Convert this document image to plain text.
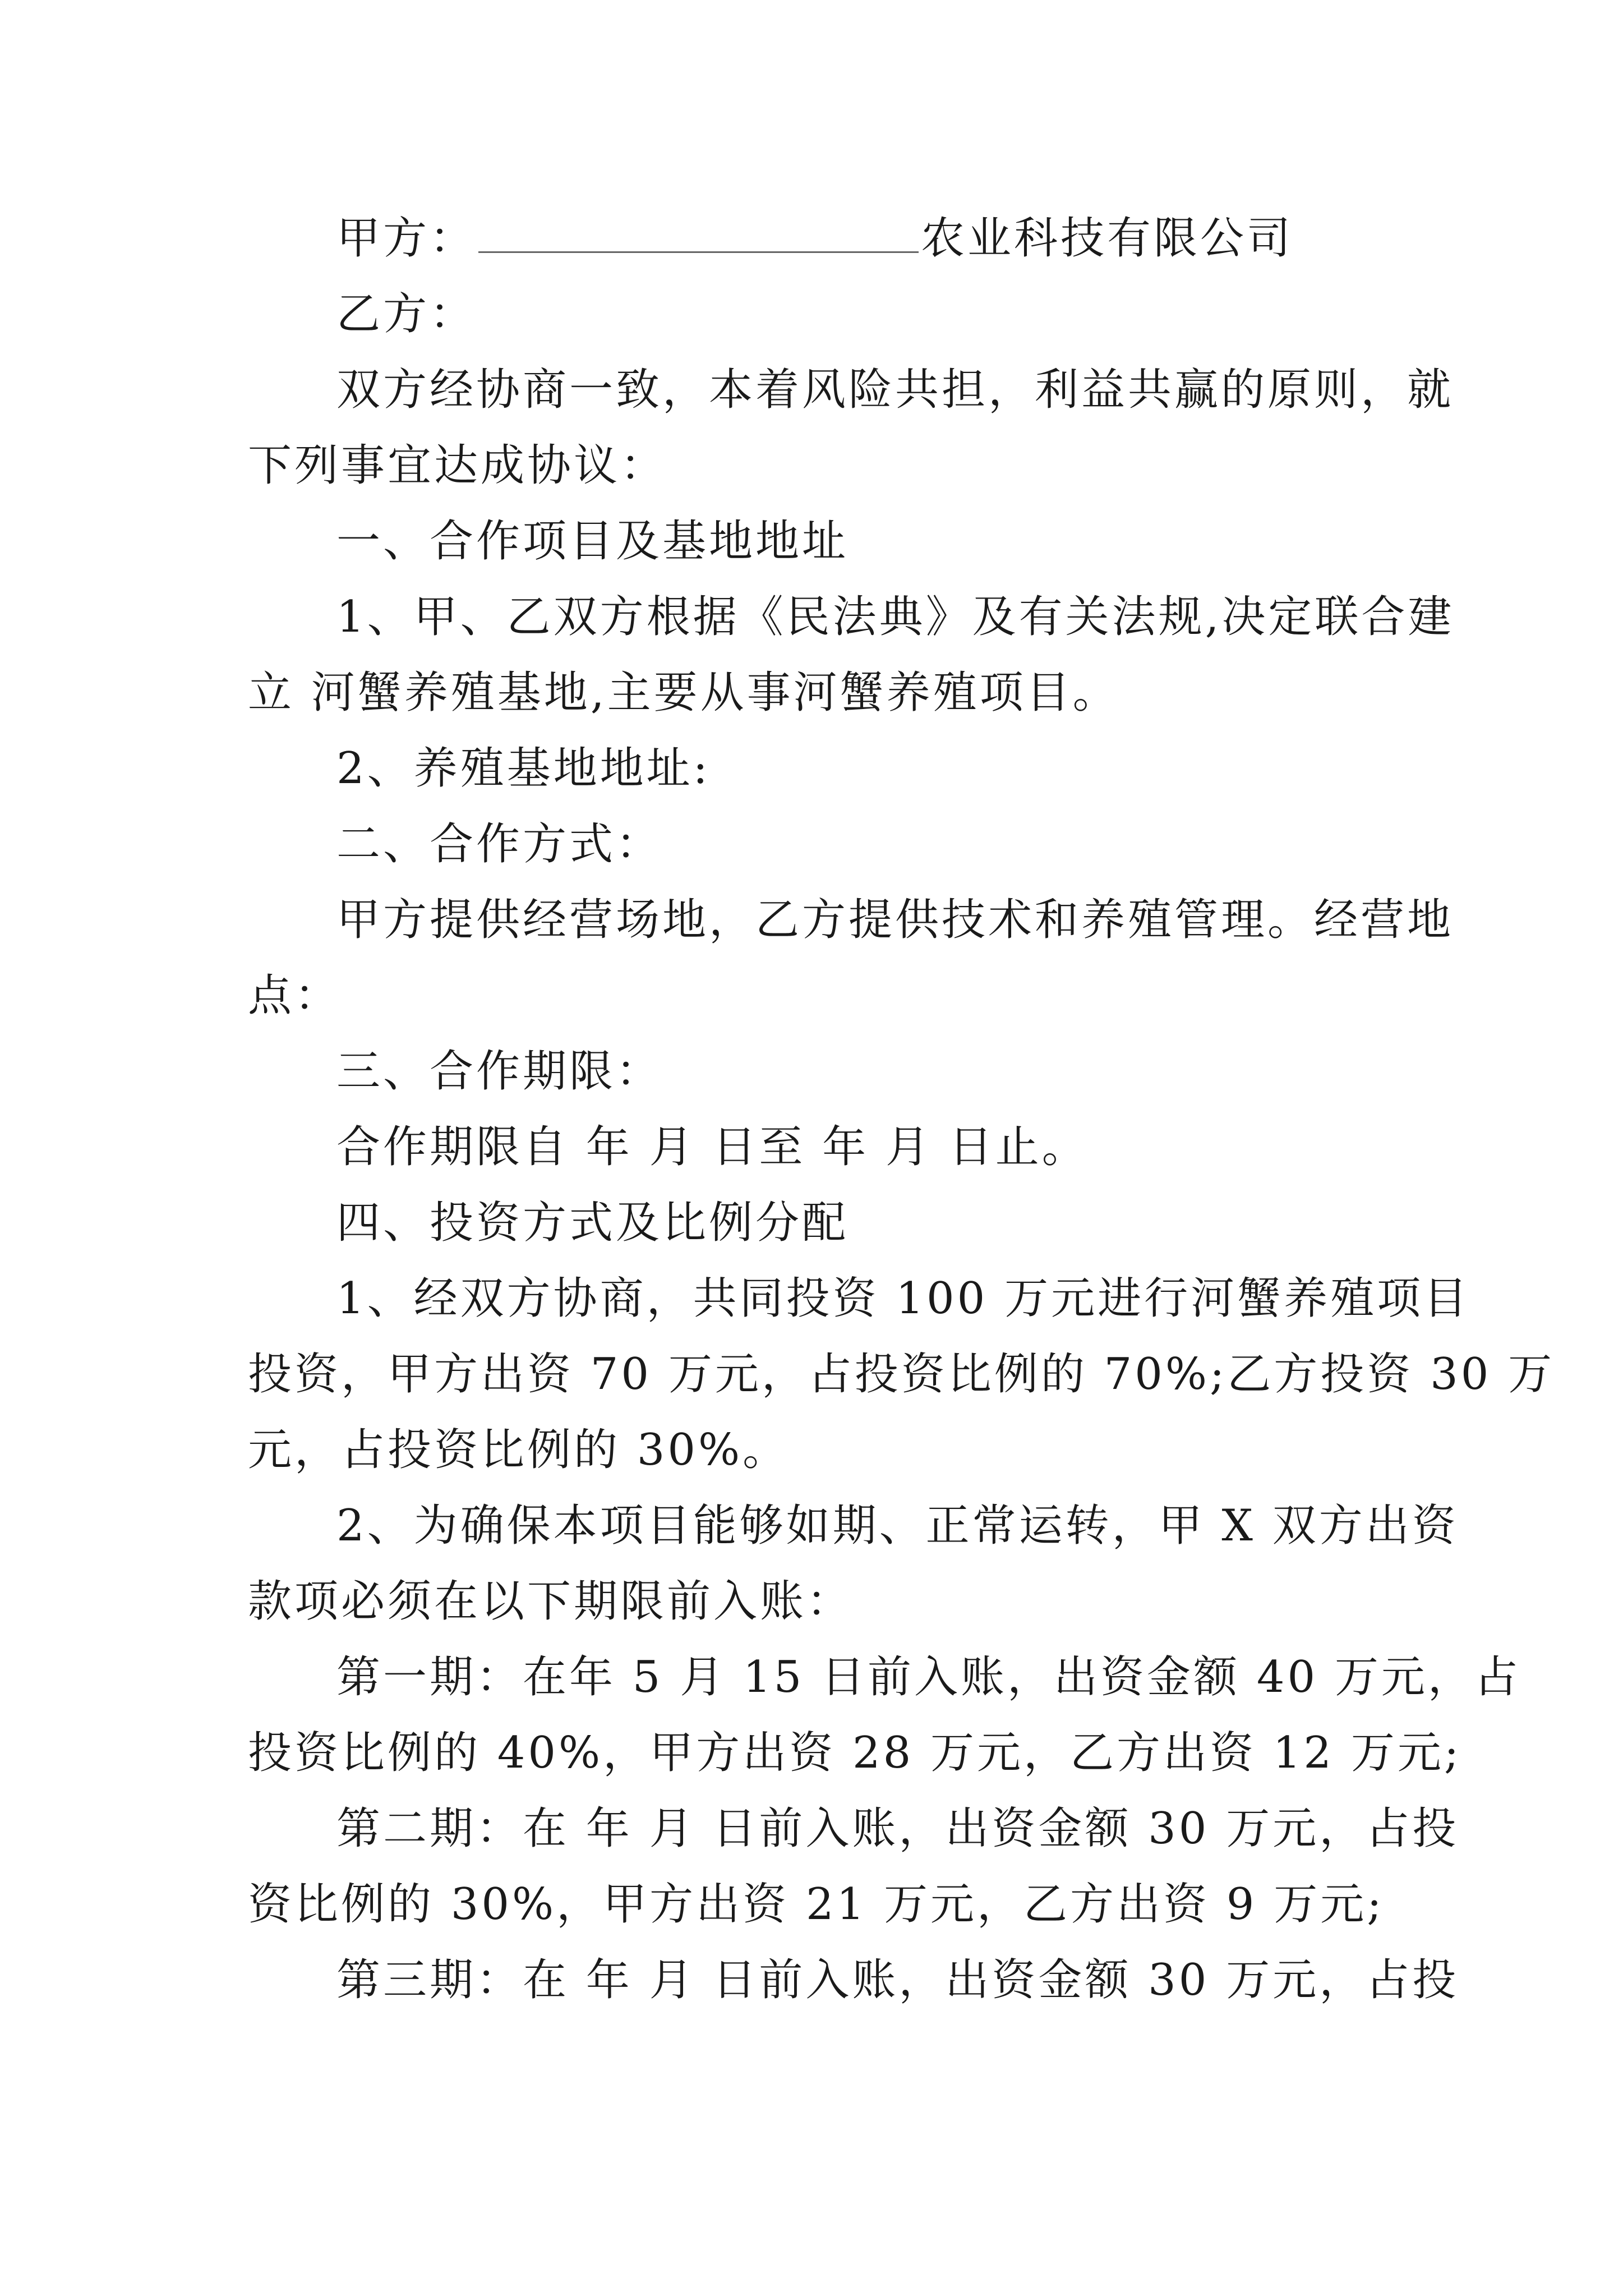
甲方：	农业科技有限公司
乙方：
双方经协商一致，本着风险共担，利益共赢的原则，就
下列事宜达成协议：
一、合作项目及基地地址
1、甲、乙双方根据《民法典》及有关法规,决定联合建
立 河蟹养殖基地,主要从事河蟹养殖项目。
2、养殖基地地址:
二、合作方式：
甲方提供经营场地，乙方提供技术和养殖管理。经营地
点：
三、合作期限：
合作期限自 年 月 日至 年 月 日止。
四、投资方式及比例分配
1、经双方协商，共同投资 100 万元进行河蟹养殖项目
投资，甲方出资 70 万元，占投资比例的 70%;乙方投资 30 万
元，占投资比例的 30%。
2、为确保本项目能够如期、正常运转，甲 X 双方出资
款项必须在以下期限前入账：
第一期：在年 5 月 15 日前入账，出资金额 40 万元，占
投资比例的 40%，甲方出资 28 万元，乙方出资 12 万元;
第二期：在 年 月 日前入账，出资金额 30 万元，占投
资比例的 30%，甲方出资 21 万元，乙方出资 9 万元;
第三期：在 年 月 日前入账，出资金额 30 万元，占投
